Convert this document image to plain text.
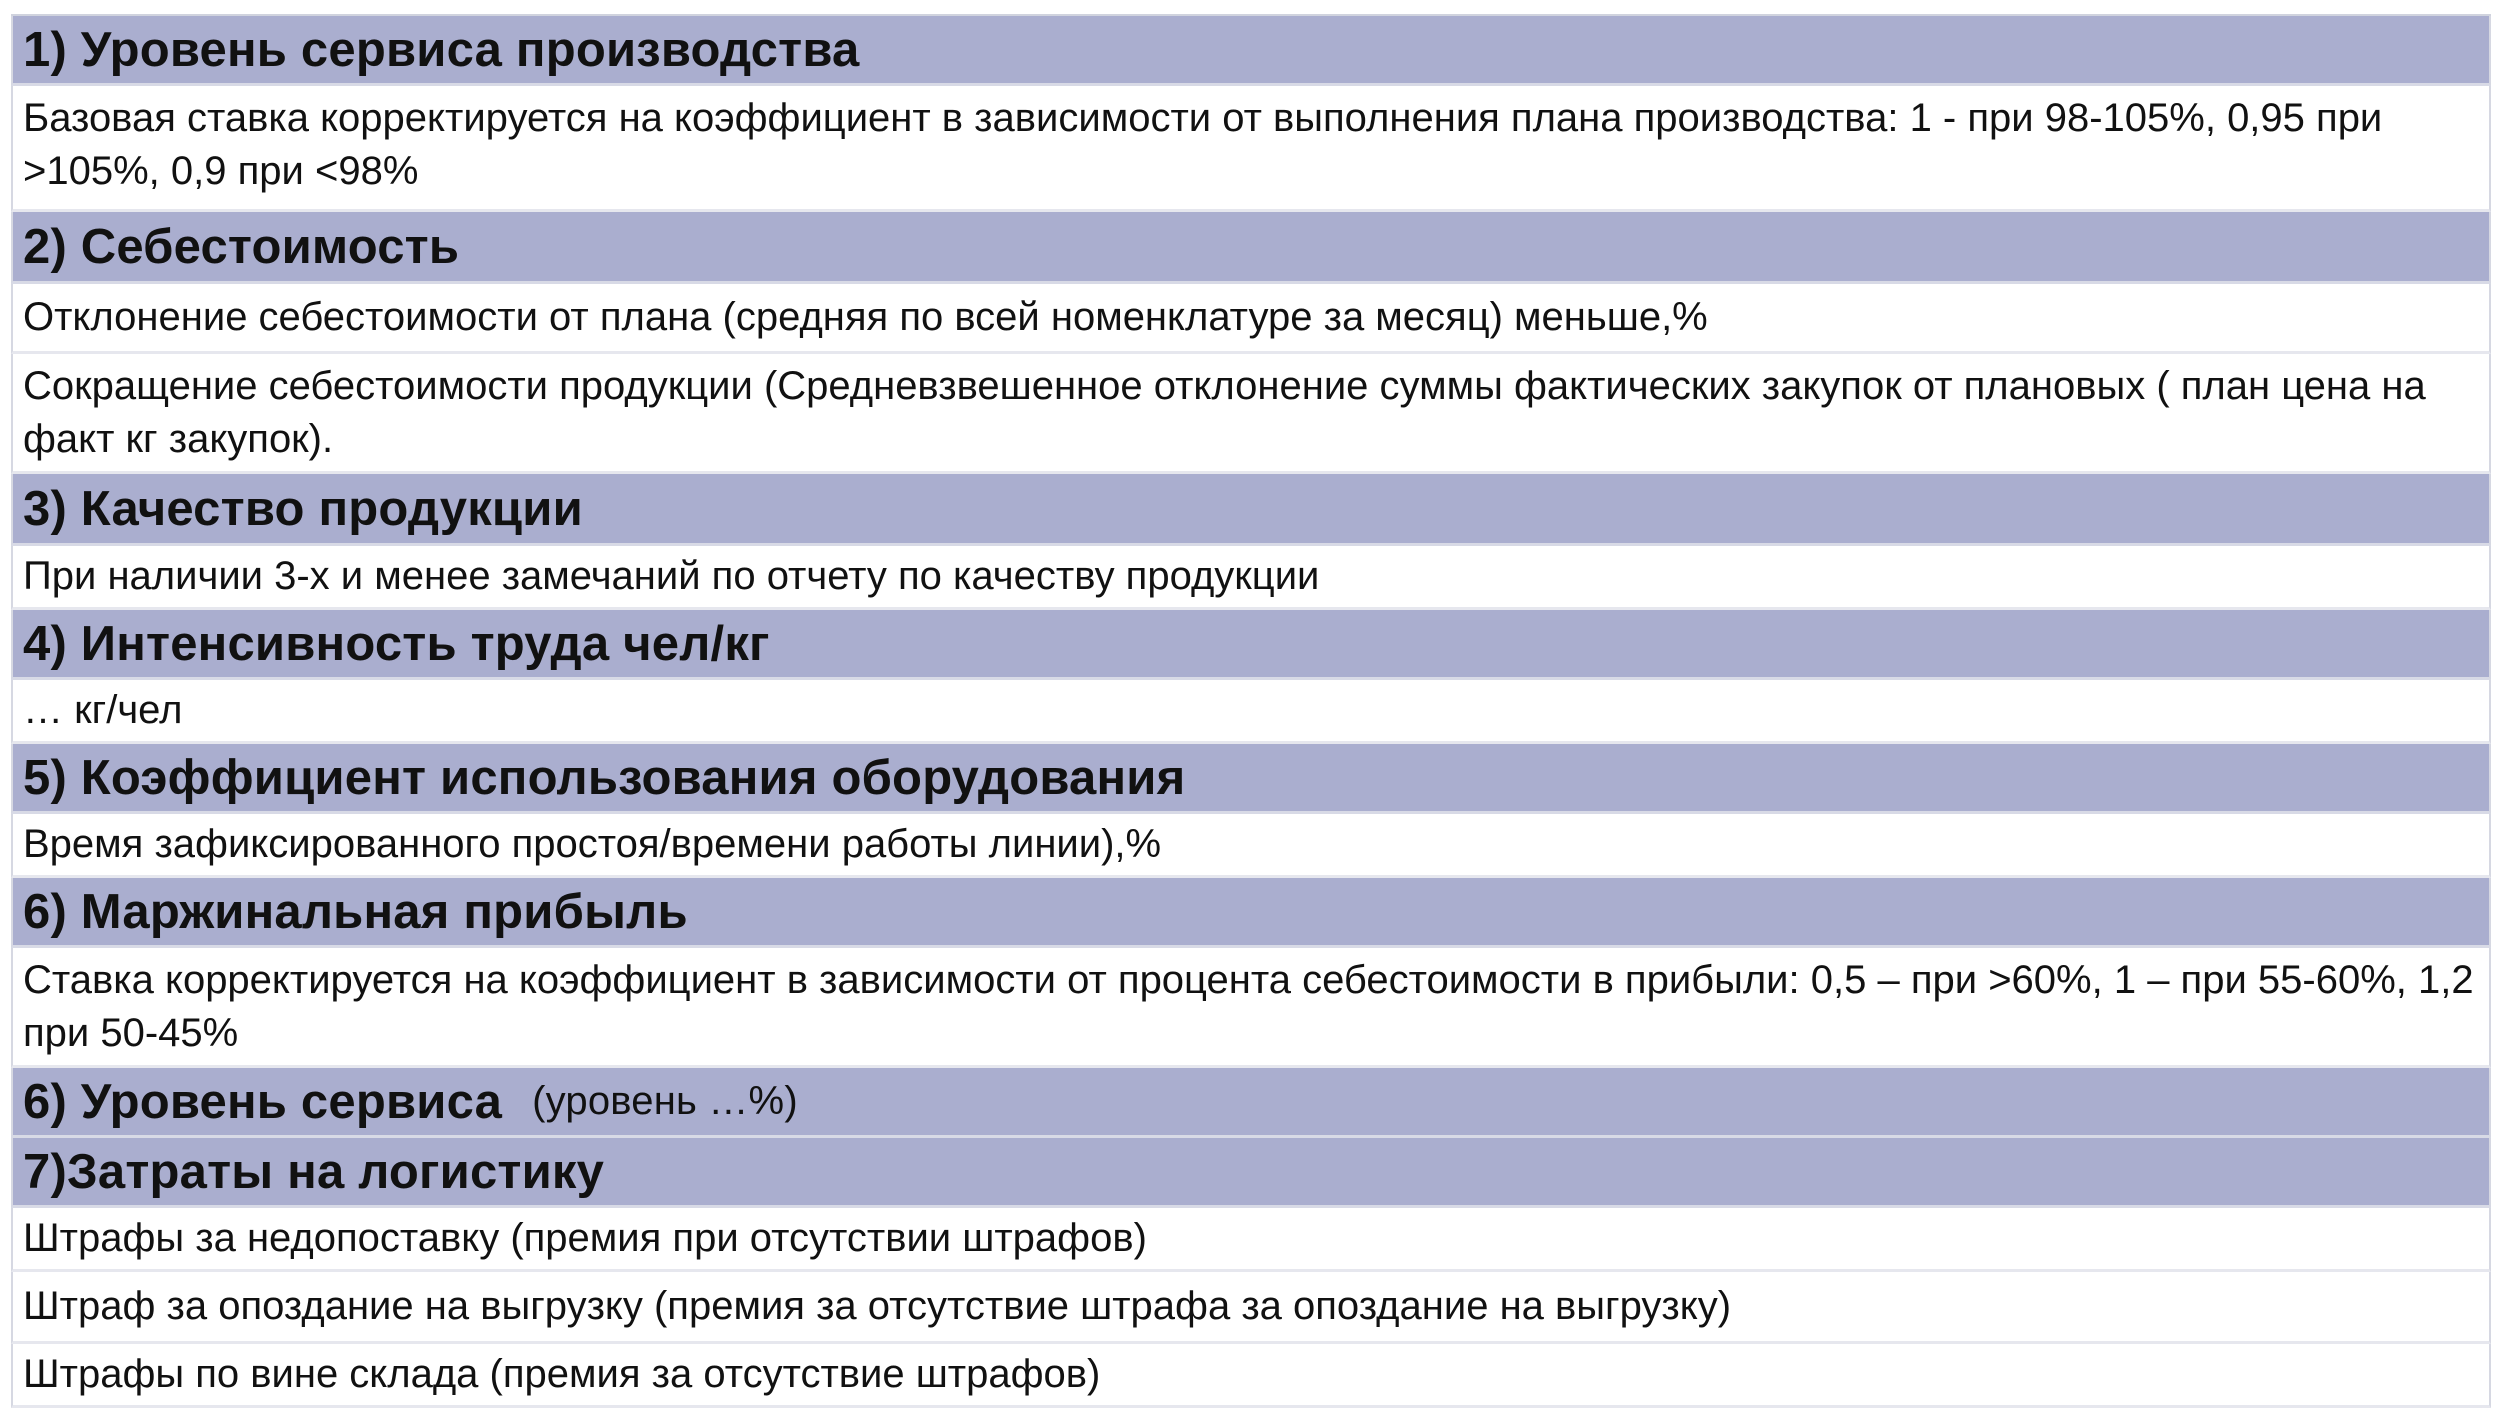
1) Уровень сервиса производства
Базовая ставка корректируется на коэффициент в зависимости от выполнения плана производства: 1 - при 98-105%, 0,95 при >105%, 0,9 при <98%
2) Себестоимость
Отклонение себестоимости от плана (средняя по всей номенклатуре за месяц) меньше,%
Сокращение себестоимости продукции (Средневзвешенное отклонение суммы фактических закупок от плановых ( план цена на факт кг закупок).
3) Качество продукции
При наличии 3-х и менее замечаний по отчету по качеству продукции
4) Интенсивность труда чел/кг
… кг/чел
5) Коэффициент использования оборудования
Время зафиксированного простоя/времени работы линии),%
6) Маржинальная прибыль
Ставка корректируется на коэффициент в зависимости от процента себестоимости в прибыли: 0,5 – при >60%, 1 – при 55-60%, 1,2 при 50-45%
6) Уровень сервиса (уровень …%)
7)Затраты на логистику
Штрафы за недопоставку (премия при отсутствии штрафов)
Штраф за опоздание на выгрузку (премия за отсутствие штрафа за опоздание на выгрузку)
Штрафы по вине склада (премия за отсутствие штрафов)
